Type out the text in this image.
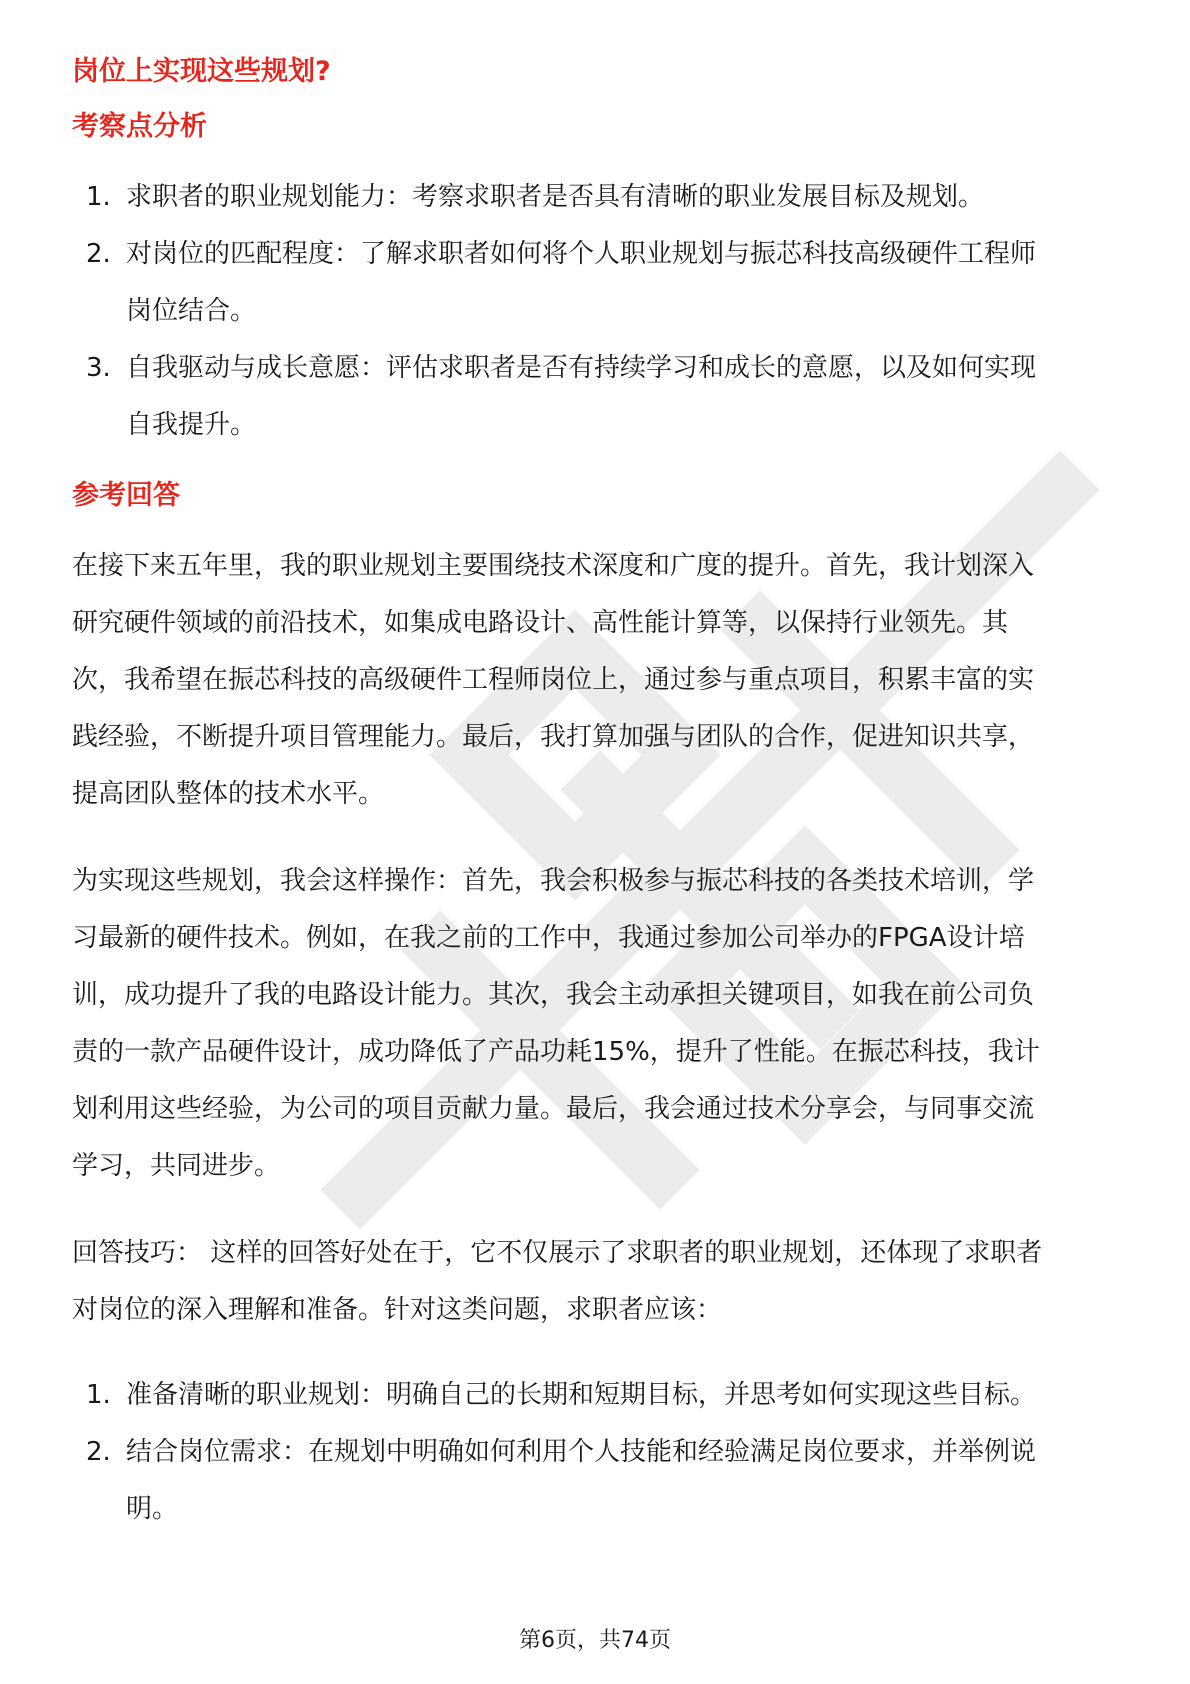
岗位上实现这些规划?
考察点分析
1. 求职者的职业规划能力：考察求职者是否具有清晰的职业发展目标及规划。
2. 对岗位的匹配程度：了解求职者如何将个人职业规划与振芯科技高级硬件工程师岗位结合。
3. 自我驱动与成长意愿：评估求职者是否有持续学习和成长的意愿，以及如何实现自我提升。
参考回答

在接下来五年里，我的职业规划主要围绕技术深度和广度的提升。首先，我计划深入研究硬件领域的前沿技术，如集成电路设计、高性能计算等，以保持行业领先。其次，我希望在振芯科技的高级硬件工程师岗位上，通过参与重点项目，积累丰富的实践经验，不断提升项目管理能力。最后，我打算加强与团队的合作，促进知识共享，提高团队整体的技术水平。

为实现这些规划，我会这样操作：首先，我会积极参与振芯科技的各类技术培训，学习最新的硬件技术。例如，在我之前的工作中，我通过参加公司举办的FPGA设计培训，成功提升了我的电路设计能力。其次，我会主动承担关键项目，如我在前公司负责的一款产品硬件设计，成功降低了产品功耗15%，提升了性能。在振芯科技，我计划利用这些经验，为公司的项目贡献力量。最后，我会通过技术分享会，与同事交流学习，共同进步。

回答技巧： 这样的回答好处在于，它不仅展示了求职者的职业规划，还体现了求职者对岗位的深入理解和准备。针对这类问题，求职者应该：

1. 准备清晰的职业规划：明确自己的长期和短期目标，并思考如何实现这些目标。
2. 结合岗位需求：在规划中明确如何利用个人技能和经验满足岗位要求，并举例说明。
第6页，共74页
